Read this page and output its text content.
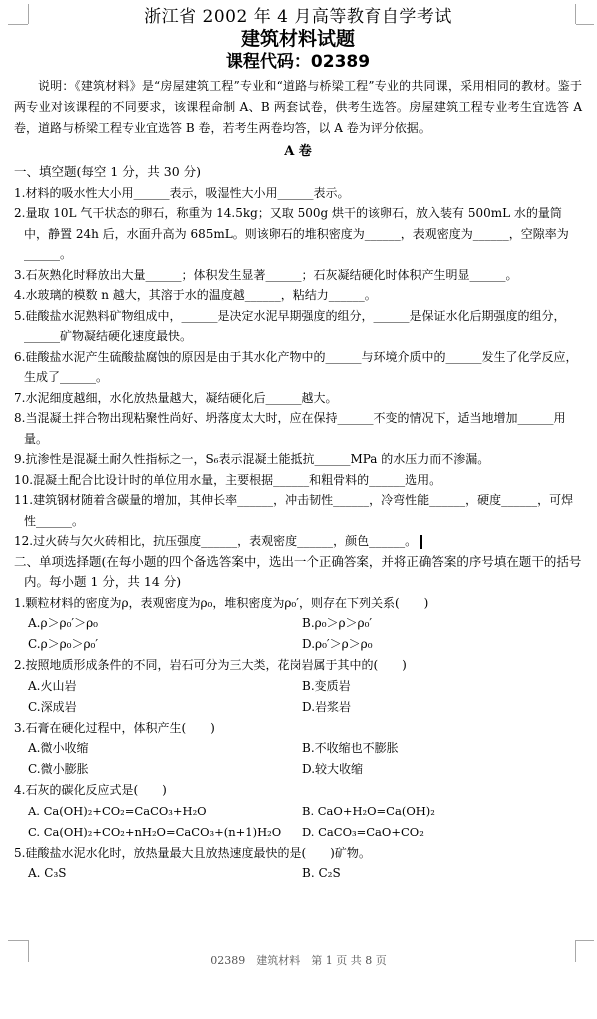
浙江省 2002 年 4 月高等教育自学考试
建筑材料试题
课程代码：02389
说明：《建筑材料》是“房屋建筑工程”专业和“道路与桥梁工程”专业的共同课，采用相同的教材。鉴于两专业对该课程的不同要求，该课程命制 A、B 两套试卷，供考生选答。房屋建筑工程专业考生宜选答 A 卷，道路与桥梁工程专业宜选答 B 卷，若考生两卷均答，以 A 卷为评分依据。
A 卷
一、填空题(每空 1 分，共 30 分)
1.材料的吸水性大小用______表示，吸湿性大小用______表示。
2.量取 10L 气干状态的卵石，称重为 14.5kg；又取 500g 烘干的该卵石，放入装有 500mL 水的量筒中，静置 24h 后，水面升高为 685mL。则该卵石的堆积密度为______，表观密度为______，空隙率为______。
3.石灰熟化时释放出大量______；体积发生显著______；石灰凝结硬化时体积产生明显______。
4.水玻璃的模数 n 越大，其溶于水的温度越______，粘结力______。
5.硅酸盐水泥熟料矿物组成中，______是决定水泥早期强度的组分，______是保证水化后期强度的组分，______矿物凝结硬化速度最快。
6.硅酸盐水泥产生硫酸盐腐蚀的原因是由于其水化产物中的______与环境介质中的______发生了化学反应，生成了______。
7.水泥细度越细，水化放热量越大，凝结硬化后______越大。
8.当混凝土拌合物出现粘聚性尚好、坍落度太大时，应在保持______不变的情况下，适当地增加______用量。
9.抗渗性是混凝土耐久性指标之一，S₆表示混凝土能抵抗______MPa 的水压力而不渗漏。
10.混凝土配合比设计时的单位用水量，主要根据______和粗骨料的______选用。
11.建筑钢材随着含碳量的增加，其伸长率______，冲击韧性______，冷弯性能______，硬度______，可焊性______。
12.过火砖与欠火砖相比，抗压强度______，表观密度______，颜色______。
二、单项选择题(在每小题的四个备选答案中，选出一个正确答案，并将正确答案的序号填在题干的括号内。每小题 1 分，共 14 分)
1.颗粒材料的密度为ρ，表观密度为ρ₀，堆积密度为ρ₀′，则存在下列关系(　　)
A.ρ＞ρ₀′＞ρ₀	B.ρ₀＞ρ＞ρ₀′
C.ρ＞ρ₀＞ρ₀′	D.ρ₀′＞ρ＞ρ₀
2.按照地质形成条件的不同，岩石可分为三大类，花岗岩属于其中的(　　)
A.火山岩	B.变质岩
C.深成岩	D.岩浆岩
3.石膏在硬化过程中，体积产生(　　)
A.微小收缩	B.不收缩也不膨胀
C.微小膨胀	D.较大收缩
4.石灰的碳化反应式是(　　)
A. Ca(OH)₂+CO₂=CaCO₃+H₂O	B. CaO+H₂O=Ca(OH)₂
C. Ca(OH)₂+CO₂+nH₂O=CaCO₃+(n+1)H₂O	D. CaCO₃=CaO+CO₂
5.硅酸盐水泥水化时，放热量最大且放热速度最快的是(　　)矿物。
A. C₃S	B. C₂S
02389　建筑材料　第 1 页 共 8 页
